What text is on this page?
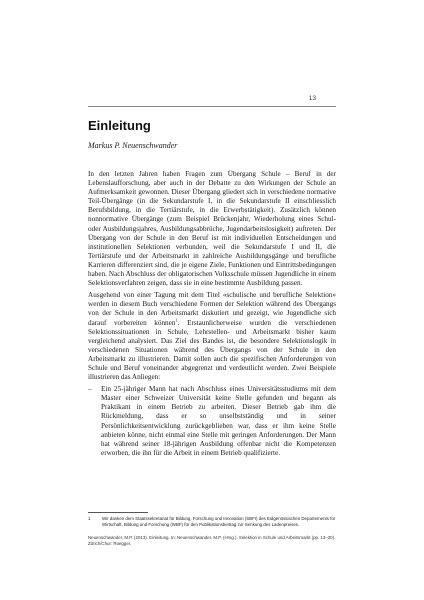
13
Einleitung
Markus P. Neuenschwander

In den letzten Jahren haben Fragen zum Übergang Schule – Beruf in der Lebenslaufforschung, aber auch in der Debatte zu den Wirkungen der Schule an Aufmerksamkeit gewonnen. Dieser Übergang gliedert sich in verschiedene normative Teil-Übergänge (in die Sekundarstufe I, in die Sekundarstufe II einschliesslich Berufsbildung, in die Tertiärstufe, in die Erwerbstätigkeit). Zusätzlich können nonnormative Übergänge (zum Beispiel Brückenjahr, Wiederholung eines Schul- oder Ausbildungsjahres, Ausbildungsabbrüche, Jugendarbeitslosigkeit) auftreten. Der Übergang von der Schule in den Beruf ist mit individuellen Entscheidungen und institutionellen Selektionen verbunden, weil die Sekundarstufe I und II, die Tertiärstufe und der Arbeitsmarkt in zahlreiche Ausbildungsgänge und berufliche Karrieren differenziert sind, die je eigene Ziele, Funktionen und Eintrittsbedingungen haben. Nach Abschluss der obligatorischen Volksschule müssen Jugendliche in einem Selektionsverfahren zeigen, dass sie in eine bestimmte Ausbildung passen.

Ausgehend von einer Tagung mit dem Titel «schulische und berufliche Selektion» werden in diesem Buch verschiedene Formen der Selektion während des Übergangs von der Schule in den Arbeitsmarkt diskutiert und gezeigt, wie Jugendliche sich darauf vorbereiten können$^1$. Erstaunlicherweise wurden die verschiedenen Selektionssituationen in Schule, Lehrstellen- und Arbeitsmarkt bisher kaum vergleichend analysiert. Das Ziel des Bandes ist, die besondere Selektionslogik in verschiedenen Situationen während des Übergangs von der Schule in den Arbeitsmarkt zu illustrieren. Damit sollen auch die spezifischen Anforderungen von Schule und Beruf voneinander abgegrenzt und verdeutlicht werden. Zwei Beispiele illustrieren das Anliegen:

– Ein 25-jähriger Mann hat nach Abschluss eines Universitätsstudiums mit dem Master einer Schweizer Universität keine Stelle gefunden und begann als Praktikant in einem Betrieb zu arbeiten. Dieser Betrieb gab ihm die Rückmeldung, dass er so unselbstständig und in seiner Persönlichkeitsentwicklung zurückgeblieben war, dass er ihm keine Stelle anbieten könne, nicht einmal eine Stelle mit geringen Anforderungen. Der Mann hat während seiner 18-jährigen Ausbildung offenbar nicht die Kompetenzen erworben, die ihn für die Arbeit in einem Betrieb qualifizierte.
1	Wir danken dem Staatssekretariat für Bildung, Forschung und Innovation (SBFI) des Eidgenössischen Departements für Wirtschaft, Bildung und Forschung (WBF) für den Publikationsbeitrag zur Senkung des Ladenpreises.
Neuenschwander, M.P. (2013). Einleitung. In: Neuenschwander, M.P. (Hrsg.). Selektion in Schule und Arbeitsmarkt (pp. 13–20). Zürich/Chur: Rüegger.
